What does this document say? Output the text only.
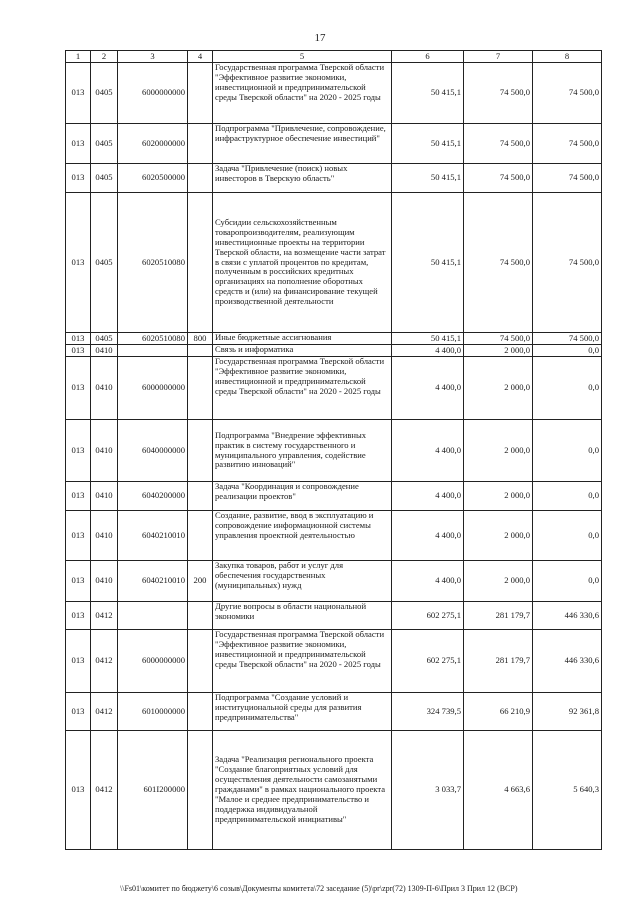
17
1	2	3	4	5	6	7	8
013	0405	6000000000		Государственная программа Тверской области "Эффективное развитие экономики, инвестиционной и предпринимательской среды Тверской области" на 2020 - 2025 годы	50 415,1	74 500,0	74 500,0
013	0405	6020000000		Подпрограмма "Привлечение, сопровождение, инфраструктурное обеспечение инвестиций"	50 415,1	74 500,0	74 500,0
013	0405	6020500000		Задача "Привлечение (поиск) новых инвесторов в Тверскую область"	50 415,1	74 500,0	74 500,0
013	0405	6020510080		Субсидии сельскохозяйственным товаропроизводителям, реализующим инвестиционные проекты на территории Тверской области, на возмещение части затрат в связи с уплатой процентов по кредитам, полученным в российских кредитных организациях на пополнение оборотных средств и (или) на финансирование текущей производственной деятельности	50 415,1	74 500,0	74 500,0
013	0405	6020510080	800	Иные бюджетные ассигнования	50 415,1	74 500,0	74 500,0
013	0410			Связь и информатика	4 400,0	2 000,0	0,0
013	0410	6000000000		Государственная программа Тверской области "Эффективное развитие экономики, инвестиционной и предпринимательской среды Тверской области" на 2020 - 2025 годы	4 400,0	2 000,0	0,0
013	0410	6040000000		Подпрограмма "Внедрение эффективных практик в систему государственного и муниципального управления, содействие развитию инноваций"	4 400,0	2 000,0	0,0
013	0410	6040200000		Задача "Координация и сопровождение реализации проектов"	4 400,0	2 000,0	0,0
013	0410	6040210010		Создание, развитие, ввод в эксплуатацию и сопровождение информационной системы управления проектной деятельностью	4 400,0	2 000,0	0,0
013	0410	6040210010	200	Закупка товаров, работ и услуг для обеспечения государственных (муниципальных) нужд	4 400,0	2 000,0	0,0
013	0412			Другие вопросы в области национальной экономики	602 275,1	281 179,7	446 330,6
013	0412	6000000000		Государственная программа Тверской области "Эффективное развитие экономики, инвестиционной и предпринимательской среды Тверской области" на 2020 - 2025 годы	602 275,1	281 179,7	446 330,6
013	0412	6010000000		Подпрограмма "Создание условий и институциональной среды для развития предпринимательства"	324 739,5	66 210,9	92 361,8
013	0412	601I200000		Задача "Реализация регионального проекта "Создание благоприятных условий для осуществления деятельности самозанятыми гражданами" в рамках национального проекта "Малое и среднее предпринимательство и поддержка индивидуальной предпринимательской инициативы"	3 033,7	4 663,6	5 640,3
\\Fs01\комитет по бюджету\6 созыв\Документы комитета\72 заседание (5)\pr\zpr(72) 1309-П-6\Прил 3 Прил 12 (ВСР)
